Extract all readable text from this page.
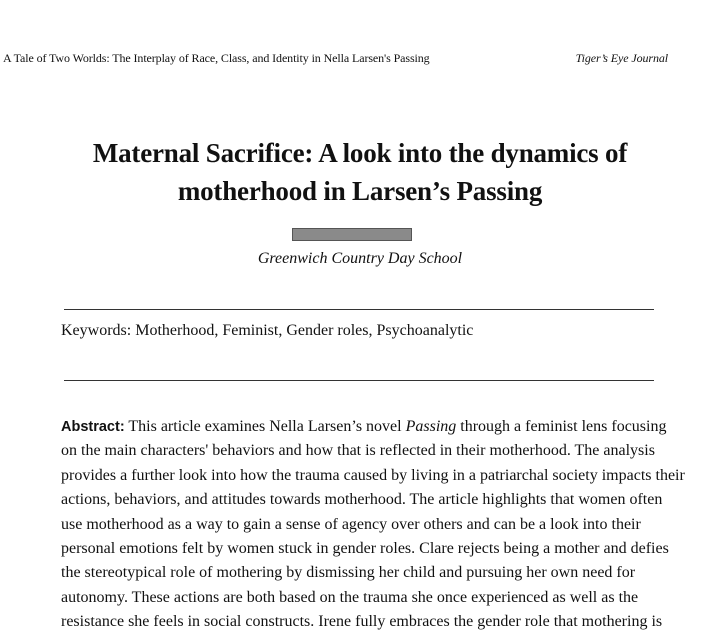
A Tale of Two Worlds: The Interplay of Race, Class, and Identity in Nella Larsen's Passing	Tiger’s Eye Journal
Maternal Sacrifice: A look into the dynamics of
motherhood in Larsen’s Passing
Greenwich Country Day School
Keywords: Motherhood, Feminist, Gender roles, Psychoanalytic
Abstract: This article examines Nella Larsen’s novel Passing through a feminist lens focusing
on the main characters' behaviors and how that is reflected in their motherhood. The analysis
provides a further look into how the trauma caused by living in a patriarchal society impacts their
actions, behaviors, and attitudes towards motherhood. The article highlights that women often
use motherhood as a way to gain a sense of agency over others and can be a look into their
personal emotions felt by women stuck in gender roles. Clare rejects being a mother and defies
the stereotypical role of mothering by dismissing her child and pursuing her own need for
autonomy. These actions are both based on the trauma she once experienced as well as the
resistance she feels in social constructs. Irene fully embraces the gender role that mothering is
